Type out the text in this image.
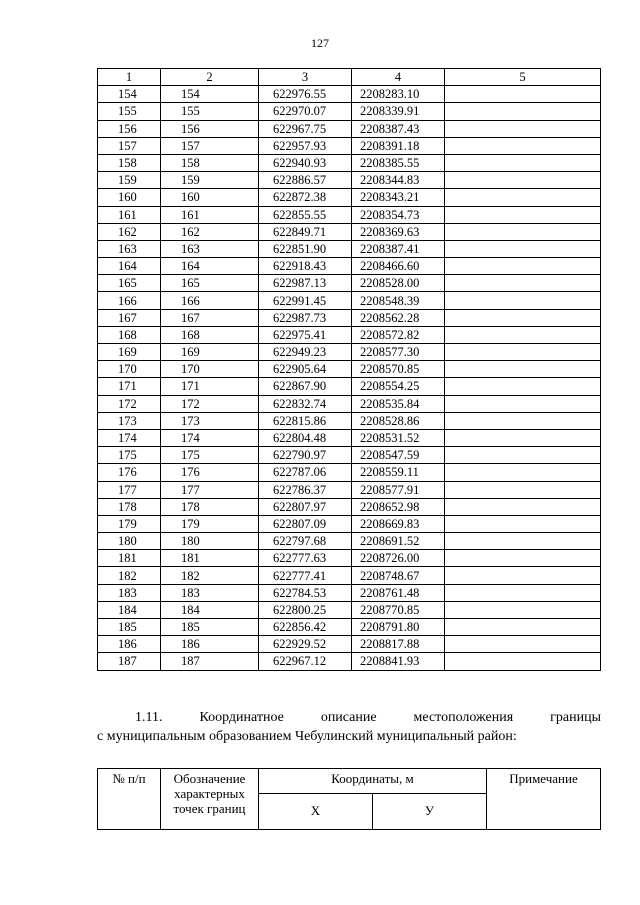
127
1	2	3	4	5
154	154	622976.55	2208283.10	
155	155	622970.07	2208339.91	
156	156	622967.75	2208387.43	
157	157	622957.93	2208391.18	
158	158	622940.93	2208385.55	
159	159	622886.57	2208344.83	
160	160	622872.38	2208343.21	
161	161	622855.55	2208354.73	
162	162	622849.71	2208369.63	
163	163	622851.90	2208387.41	
164	164	622918.43	2208466.60	
165	165	622987.13	2208528.00	
166	166	622991.45	2208548.39	
167	167	622987.73	2208562.28	
168	168	622975.41	2208572.82	
169	169	622949.23	2208577.30	
170	170	622905.64	2208570.85	
171	171	622867.90	2208554.25	
172	172	622832.74	2208535.84	
173	173	622815.86	2208528.86	
174	174	622804.48	2208531.52	
175	175	622790.97	2208547.59	
176	176	622787.06	2208559.11	
177	177	622786.37	2208577.91	
178	178	622807.97	2208652.98	
179	179	622807.09	2208669.83	
180	180	622797.68	2208691.52	
181	181	622777.63	2208726.00	
182	182	622777.41	2208748.67	
183	183	622784.53	2208761.48	
184	184	622800.25	2208770.85	
185	185	622856.42	2208791.80	
186	186	622929.52	2208817.88	
187	187	622967.12	2208841.93	
1.11.	Координатное	описание	местоположения	границы
с муниципальным образованием Чебулинский муниципальный район:
№ п/п	Обозначение характерных точек границ	Координаты, м		Примечание
		Х	У	
